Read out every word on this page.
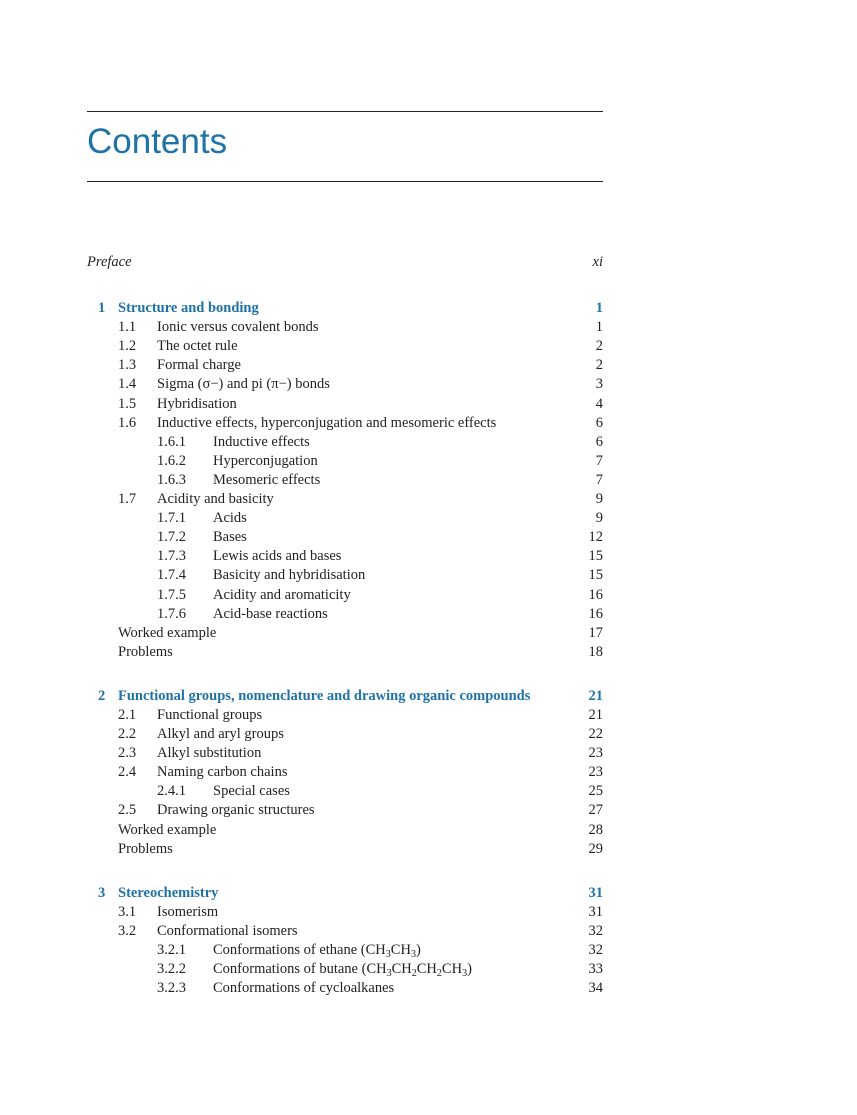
Contents
Preface	xi
1 Structure and bonding	1
1.1 Ionic versus covalent bonds	1
1.2 The octet rule	2
1.3 Formal charge	2
1.4 Sigma (σ−) and pi (π−) bonds	3
1.5 Hybridisation	4
1.6 Inductive effects, hyperconjugation and mesomeric effects	6
1.6.1 Inductive effects	6
1.6.2 Hyperconjugation	7
1.6.3 Mesomeric effects	7
1.7 Acidity and basicity	9
1.7.1 Acids	9
1.7.2 Bases	12
1.7.3 Lewis acids and bases	15
1.7.4 Basicity and hybridisation	15
1.7.5 Acidity and aromaticity	16
1.7.6 Acid-base reactions	16
Worked example	17
Problems	18
2 Functional groups, nomenclature and drawing organic compounds	21
2.1 Functional groups	21
2.2 Alkyl and aryl groups	22
2.3 Alkyl substitution	23
2.4 Naming carbon chains	23
2.4.1 Special cases	25
2.5 Drawing organic structures	27
Worked example	28
Problems	29
3 Stereochemistry	31
3.1 Isomerism	31
3.2 Conformational isomers	32
3.2.1 Conformations of ethane $(CH_3CH_3)$	32
3.2.2 Conformations of butane $(CH_3CH_2CH_2CH_3)$	33
3.2.3 Conformations of cycloalkanes	34
